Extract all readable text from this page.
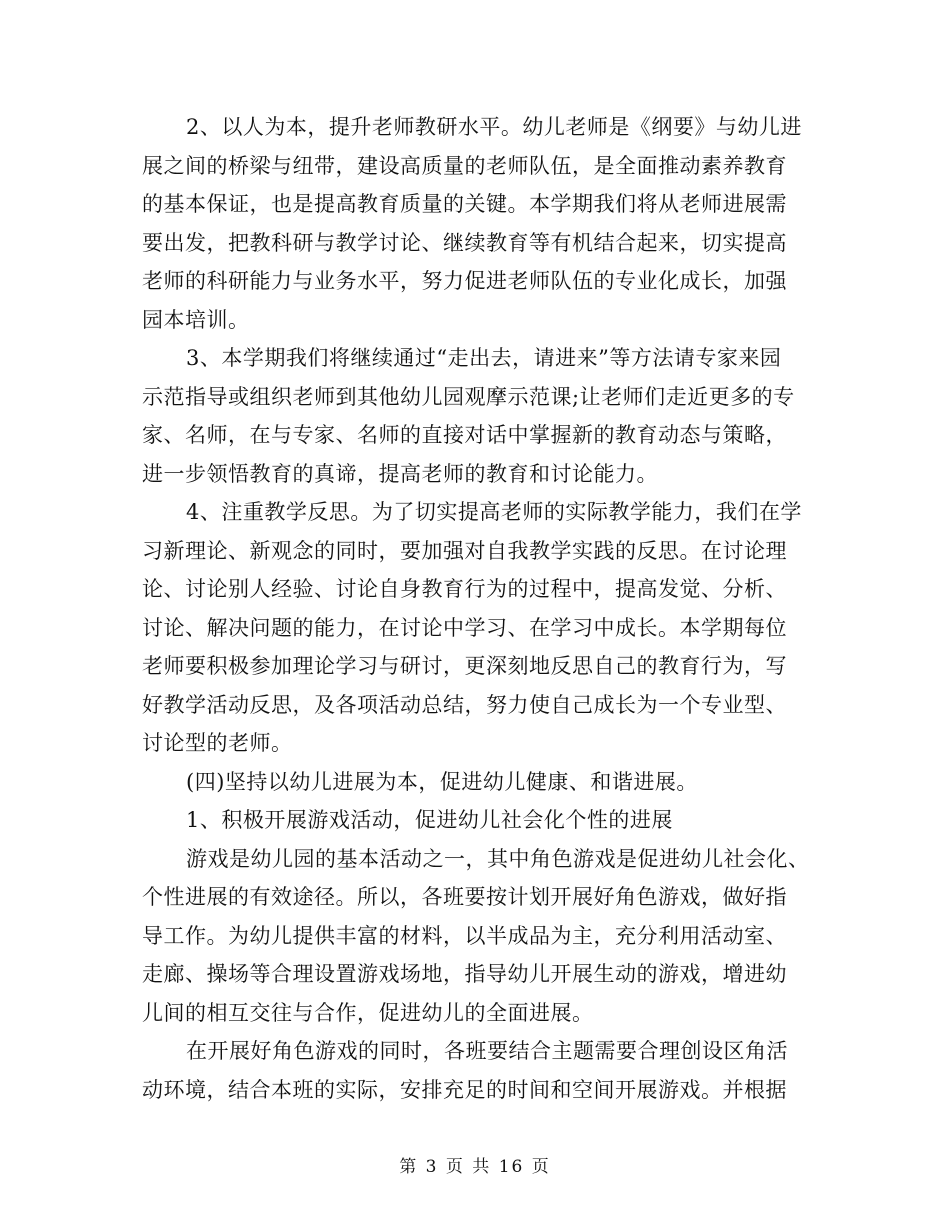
2、以人为本，提升老师教研水平。幼儿老师是《纲要》与幼儿进
展之间的桥梁与纽带，建设高质量的老师队伍，是全面推动素养教育
的基本保证，也是提高教育质量的关键。本学期我们将从老师进展需
要出发，把教科研与教学讨论、继续教育等有机结合起来，切实提高
老师的科研能力与业务水平，努力促进老师队伍的专业化成长，加强
园本培训。

3、本学期我们将继续通过“走出去，请进来”等方法请专家来园
示范指导或组织老师到其他幼儿园观摩示范课;让老师们走近更多的专
家、名师，在与专家、名师的直接对话中掌握新的教育动态与策略，
进一步领悟教育的真谛，提高老师的教育和讨论能力。

4、注重教学反思。为了切实提高老师的实际教学能力，我们在学
习新理论、新观念的同时，要加强对自我教学实践的反思。在讨论理
论、讨论别人经验、讨论自身教育行为的过程中，提高发觉、分析、
讨论、解决问题的能力，在讨论中学习、在学习中成长。本学期每位
老师要积极参加理论学习与研讨，更深刻地反思自己的教育行为，写
好教学活动反思，及各项活动总结，努力使自己成长为一个专业型、
讨论型的老师。

(四)坚持以幼儿进展为本，促进幼儿健康、和谐进展。

1、积极开展游戏活动，促进幼儿社会化个性的进展

游戏是幼儿园的基本活动之一，其中角色游戏是促进幼儿社会化、
个性进展的有效途径。所以，各班要按计划开展好角色游戏，做好指
导工作。为幼儿提供丰富的材料，以半成品为主，充分利用活动室、
走廊、操场等合理设置游戏场地，指导幼儿开展生动的游戏，增进幼
儿间的相互交往与合作，促进幼儿的全面进展。

在开展好角色游戏的同时，各班要结合主题需要合理创设区角活
动环境，结合本班的实际，安排充足的时间和空间开展游戏。并根据

第 3 页 共 16 页
